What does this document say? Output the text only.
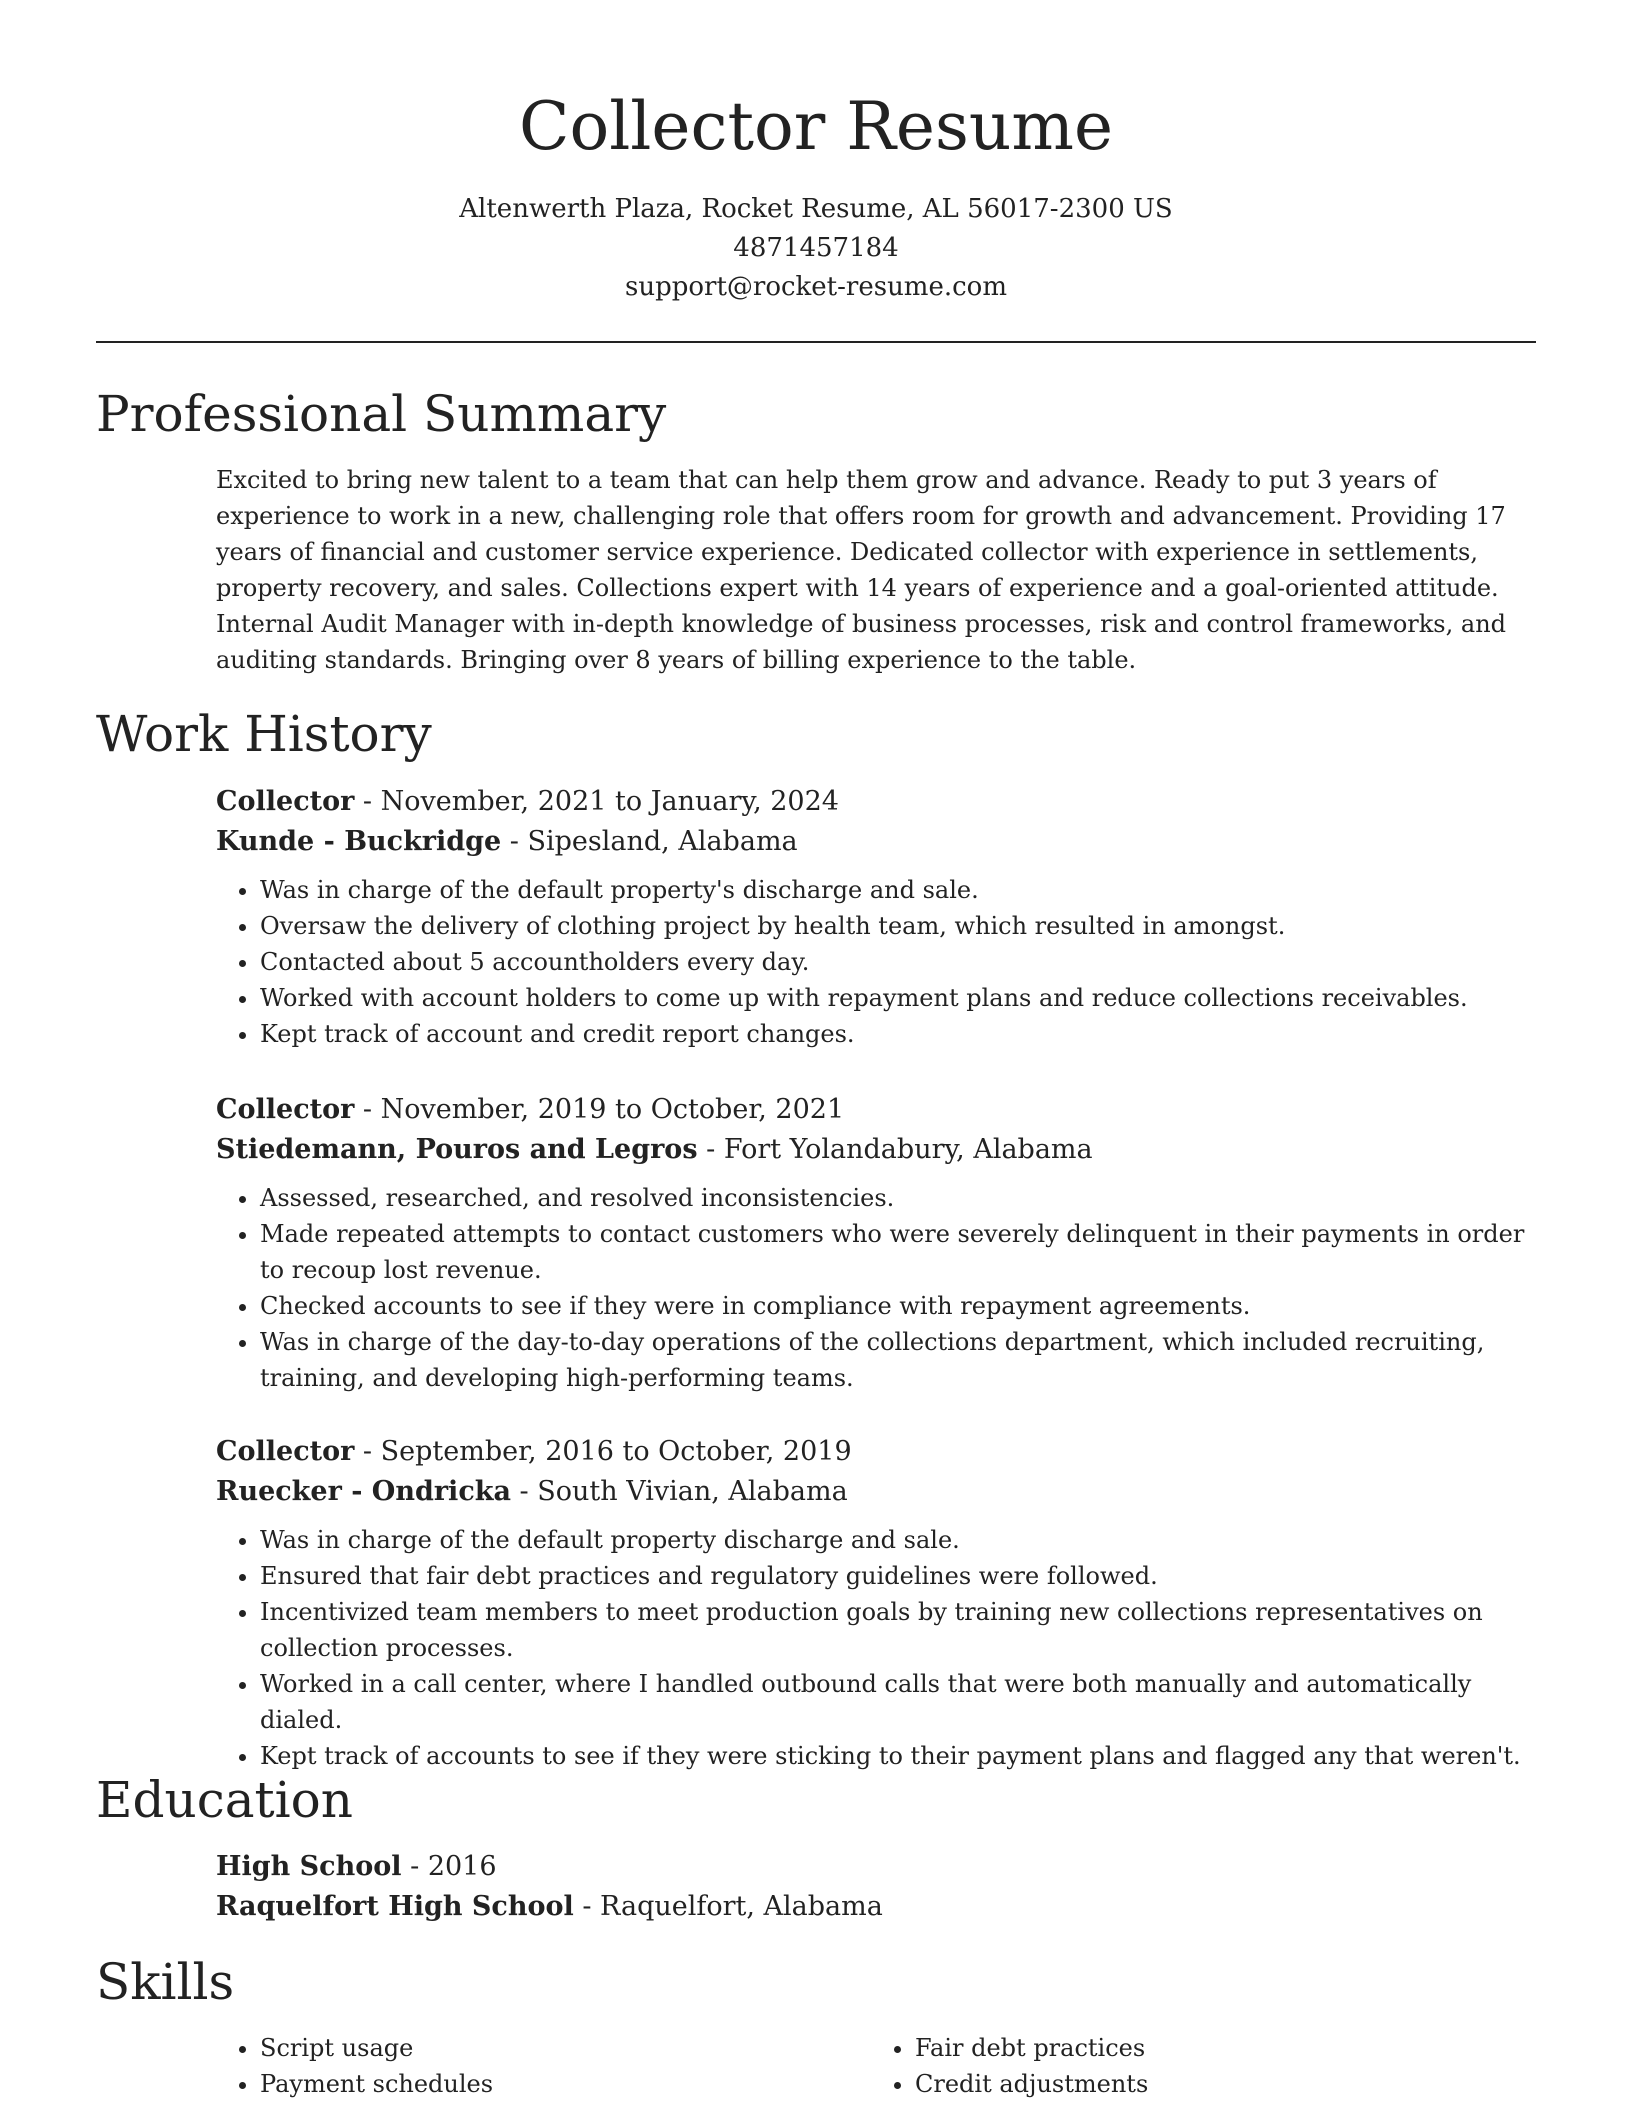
Collector Resume

Altenwerth Plaza, Rocket Resume, AL 56017-2300 US

4871457184

support@rocket-resume.com

Professional Summary

Excited to bring new talent to a team that can help them grow and advance. Ready to put 3 years of experience to work in a new, challenging role that offers room for growth and advancement. Providing 17 years of financial and customer service experience. Dedicated collector with experience in settlements, property recovery, and sales. Collections expert with 14 years of experience and a goal-oriented attitude. Internal Audit Manager with in-depth knowledge of business processes, risk and control frameworks, and auditing standards. Bringing over 8 years of billing experience to the table.

Work History

Collector - November, 2021 to January, 2024

Kunde - Buckridge - Sipesland, Alabama

• Was in charge of the default property's discharge and sale.
• Oversaw the delivery of clothing project by health team, which resulted in amongst.
• Contacted about 5 accountholders every day.
• Worked with account holders to come up with repayment plans and reduce collections receivables.
• Kept track of account and credit report changes.

Collector - November, 2019 to October, 2021

Stiedemann, Pouros and Legros - Fort Yolandabury, Alabama

• Assessed, researched, and resolved inconsistencies.
• Made repeated attempts to contact customers who were severely delinquent in their payments in order to recoup lost revenue.
• Checked accounts to see if they were in compliance with repayment agreements.
• Was in charge of the day-to-day operations of the collections department, which included recruiting, training, and developing high-performing teams.

Collector - September, 2016 to October, 2019

Ruecker - Ondricka - South Vivian, Alabama

• Was in charge of the default property discharge and sale.
• Ensured that fair debt practices and regulatory guidelines were followed.
• Incentivized team members to meet production goals by training new collections representatives on collection processes.
• Worked in a call center, where I handled outbound calls that were both manually and automatically dialed.
• Kept track of accounts to see if they were sticking to their payment plans and flagged any that weren't.
Education

High School - 2016

Raquelfort High School - Raquelfort, Alabama

Skills
• Script usage
• Payment schedules
• Fair debt practices
• Credit adjustments
